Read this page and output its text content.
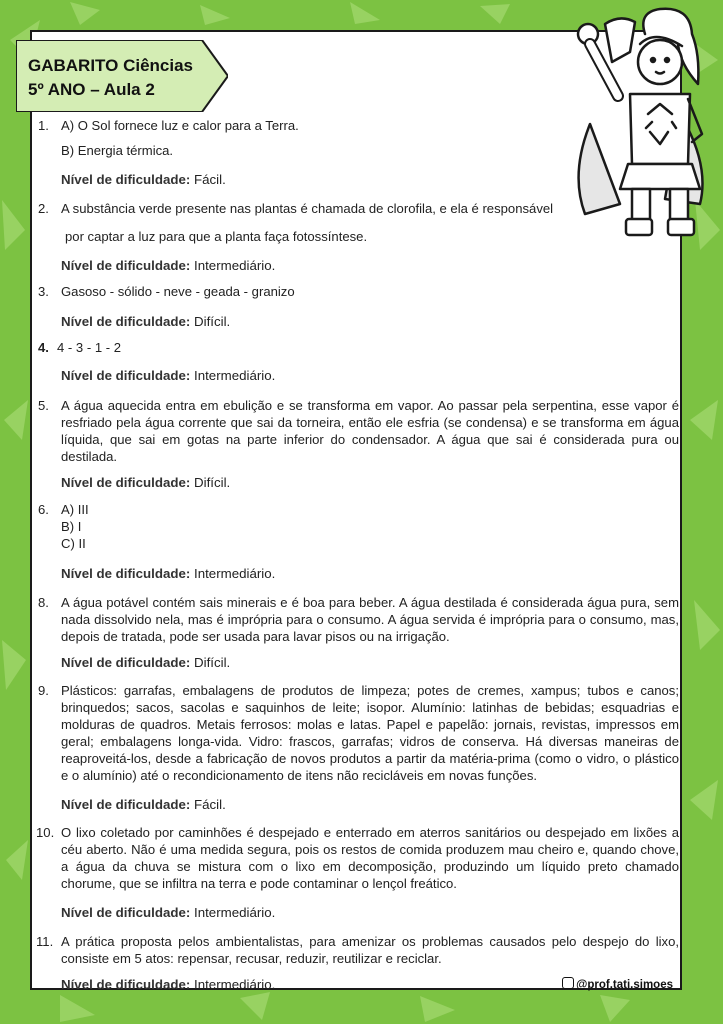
GABARITO Ciências
5º ANO – Aula 2
1. A) O Sol fornece luz e calor para a Terra.
B) Energia térmica.
Nível de dificuldade: Fácil.
2. A substância verde presente nas plantas é chamada de clorofila, e ela é responsável
por captar a luz para que a planta faça fotossíntese.
Nível de dificuldade: Intermediário.
3. Gasoso - sólido - neve - geada - granizo
Nível de dificuldade: Difícil.
4. 4 - 3 - 1 - 2
Nível de dificuldade: Intermediário.
5. A água aquecida entra em ebulição e se transforma em vapor. Ao passar pela serpentina, esse vapor é resfriado pela água corrente que sai da torneira, então ele esfria (se condensa) e se transforma em água líquida, que sai em gotas na parte inferior do condensador. A água que sai é considerada pura ou destilada.
Nível de dificuldade: Difícil.
6. A) III
B) I
C) II
Nível de dificuldade: Intermediário.
8. A água potável contém sais minerais e é boa para beber. A água destilada é considerada água pura, sem nada dissolvido nela, mas é imprópria para o consumo. A água servida é imprópria para o consumo, mas, depois de tratada, pode ser usada para lavar pisos ou na irrigação.
Nível de dificuldade: Difícil.
9. Plásticos: garrafas, embalagens de produtos de limpeza; potes de cremes, xampus; tubos e canos; brinquedos; sacos, sacolas e saquinhos de leite; isopor. Alumínio: latinhas de bebidas; esquadrias e molduras de quadros. Metais ferrosos: molas e latas. Papel e papelão: jornais, revistas, impressos em geral; embalagens longa-vida. Vidro: frascos, garrafas; vidros de conserva. Há diversas maneiras de reaproveitá-los, desde a fabricação de novos produtos a partir da matéria-prima (como o vidro, o plástico e o alumínio) até o recondicionamento de itens não recicláveis em novas funções.
Nível de dificuldade: Fácil.
10. O lixo coletado por caminhões é despejado e enterrado em aterros sanitários ou despejado em lixões a céu aberto. Não é uma medida segura, pois os restos de comida produzem mau cheiro e, quando chove, a água da chuva se mistura com o lixo em decomposição, produzindo um líquido preto chamado chorume, que se infiltra na terra e pode contaminar o lençol freático.
Nível de dificuldade: Intermediário.
11. A prática proposta pelos ambientalistas, para amenizar os problemas causados pelo despejo do lixo, consiste em 5 atos: repensar, recusar, reduzir, reutilizar e reciclar.
Nível de dificuldade: Intermediário.	@prof.tati.simoes
